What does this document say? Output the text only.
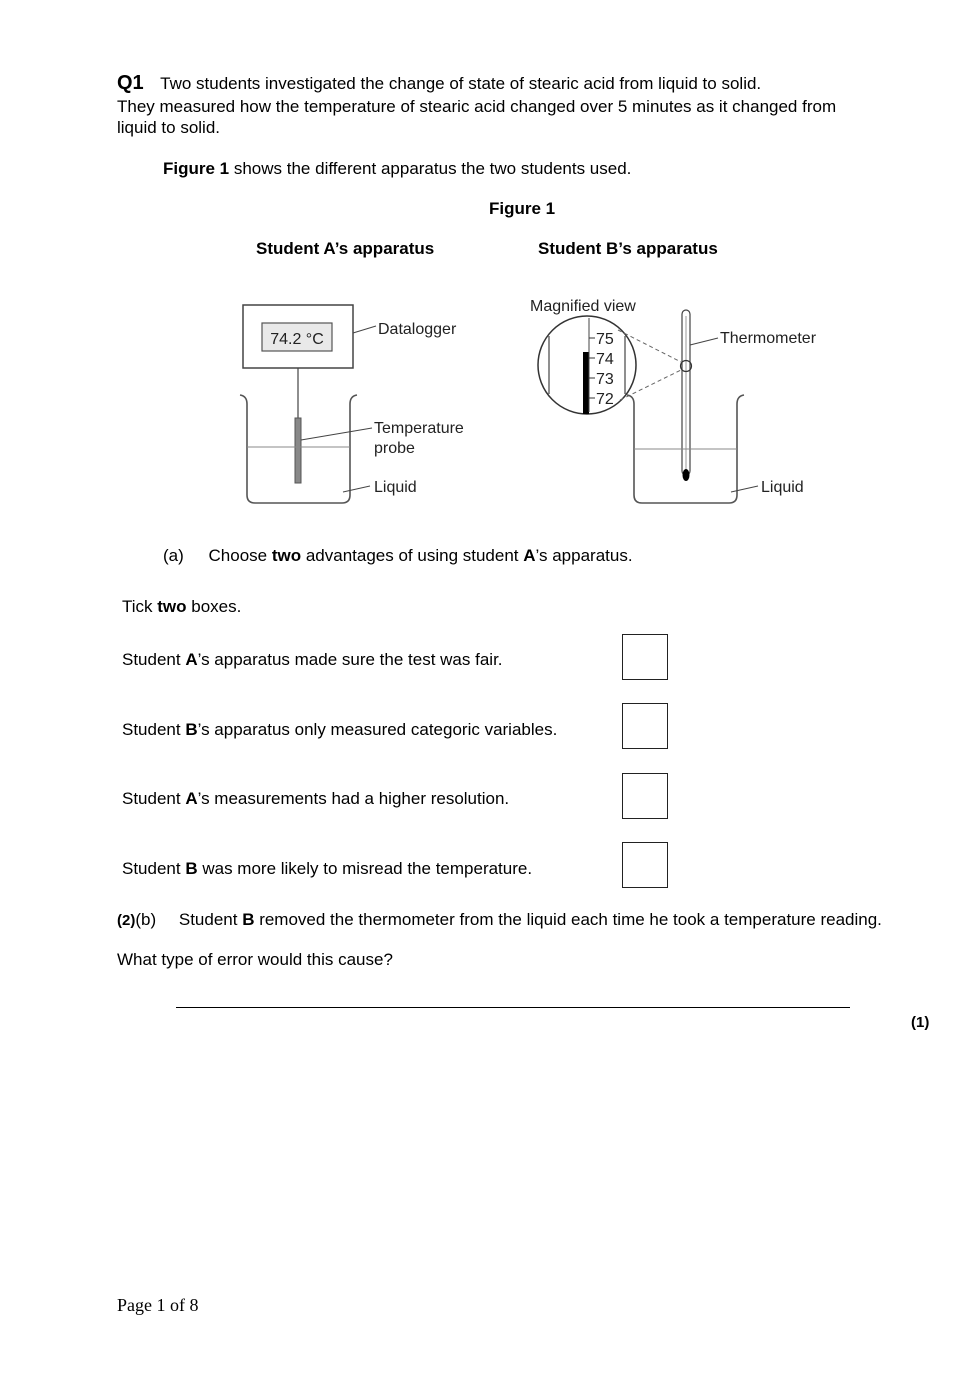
Q1 Two students investigated the change of state of stearic acid from liquid to solid.
They measured how the temperature of stearic acid changed over 5 minutes as it changed from
liquid to solid.
Figure 1 shows the different apparatus the two students used.
Figure 1
Student A’s apparatus	Student B’s apparatus
74.2 °C
Datalogger
Temperature
probe
Liquid
Magnified view
75
74
73
72
Thermometer
Liquid
(a) Choose two advantages of using student A’s apparatus.
Tick two boxes.
Student A’s apparatus made sure the test was fair.
Student B’s apparatus only measured categoric variables.
Student A’s measurements had a higher resolution.
Student B was more likely to misread the temperature.
(2)(b) Student B removed the thermometer from the liquid each time he took a temperature reading.
What type of error would this cause?
(1)
Page 1 of 8
